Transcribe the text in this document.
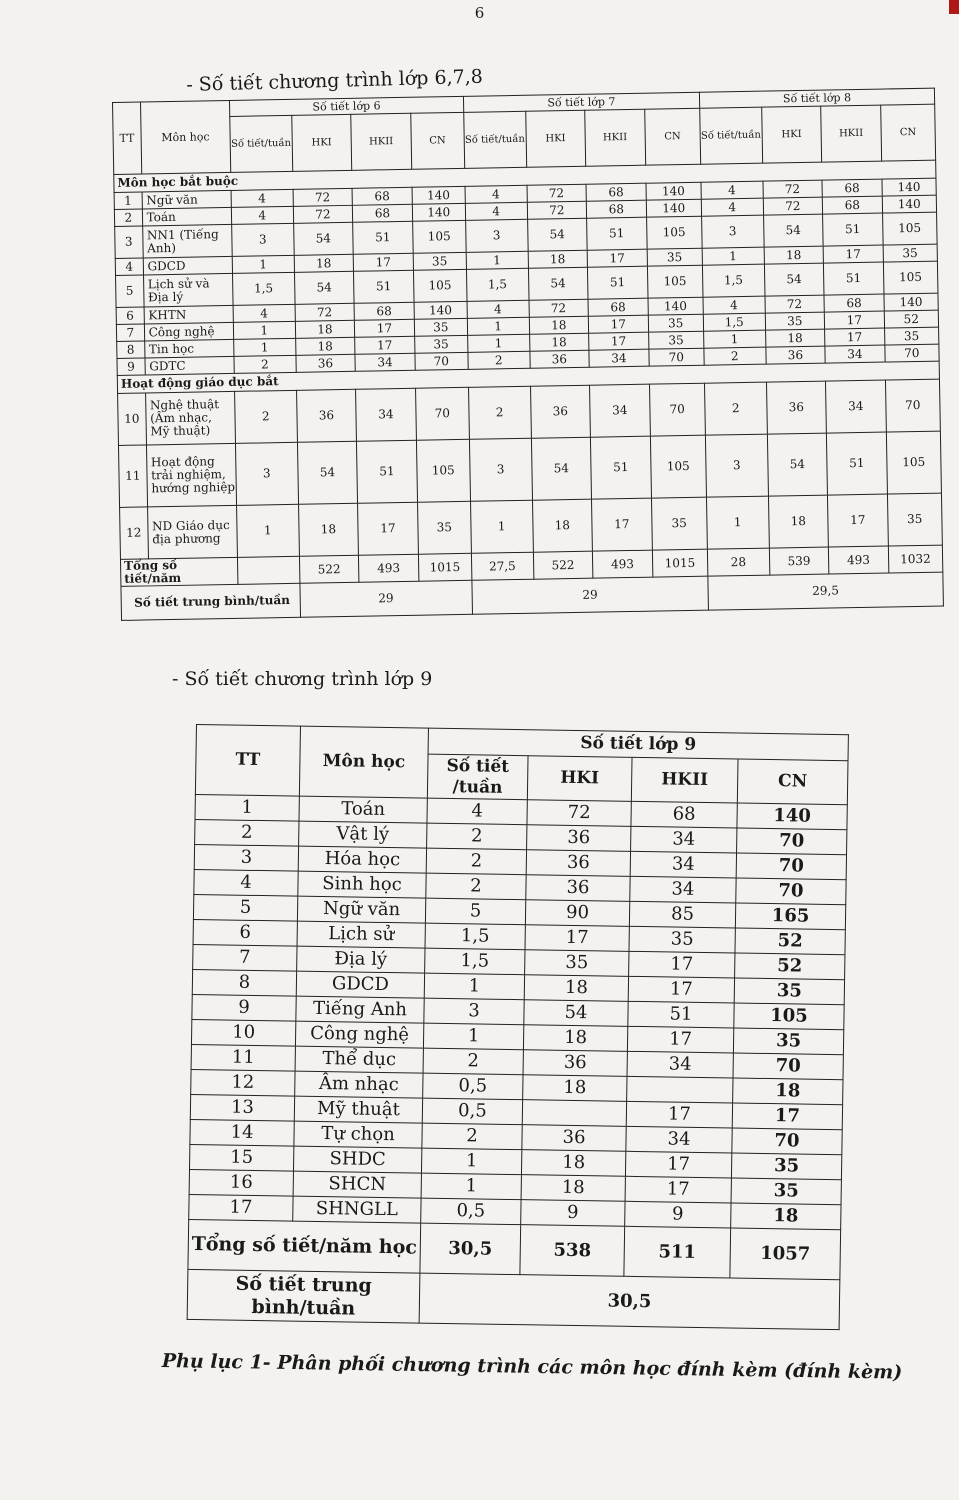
6
- Số tiết chương trình lớp 6,7,8
TT	Môn học	Số tiết lớp 6				Số tiết lớp 7				Số tiết lớp 8			
		Số tiết/tuần	HKI	HKII	CN	Số tiết/tuần	HKI	HKII	CN	Số tiết/tuần	HKI	HKII	CN
Môn học bắt buộc													
1	Ngữ văn	4	72	68	140	4	72	68	140	4	72	68	140
2	Toán	4	72	68	140	4	72	68	140	4	72	68	140
3	NN1 (Tiếng Anh)	3	54	51	105	3	54	51	105	3	54	51	105
4	GDCD	1	18	17	35	1	18	17	35	1	18	17	35
5	Lịch sử và Địa lý	1,5	54	51	105	1,5	54	51	105	1,5	54	51	105
6	KHTN	4	72	68	140	4	72	68	140	4	72	68	140
7	Công nghệ	1	18	17	35	1	18	17	35	1,5	35	17	52
8	Tin học	1	18	17	35	1	18	17	35	1	18	17	35
9	GDTC	2	36	34	70	2	36	34	70	2	36	34	70
Hoạt động giáo dục bắt													
10	Nghệ thuật (Âm nhạc, Mỹ thuật)	2	36	34	70	2	36	34	70	2	36	34	70
11	Hoạt động trải nghiệm, hướng nghiệp	3	54	51	105	3	54	51	105	3	54	51	105
12	ND Giáo dục địa phương	1	18	17	35	1	18	17	35	1	18	17	35
Tổng số tiết/năm			522	493	1015	27,5	522	493	1015	28	539	493	1032
Số tiết trung bình/tuần			29			29				29,5			
- Số tiết chương trình lớp 9
TT	Môn học	Số tiết lớp 9			
		Số tiết /tuần	HKI	HKII	CN
1	Toán	4	72	68	140
2	Vật lý	2	36	34	70
3	Hóa học	2	36	34	70
4	Sinh học	2	36	34	70
5	Ngữ văn	5	90	85	165
6	Lịch sử	1,5	17	35	52
7	Địa lý	1,5	35	17	52
8	GDCD	1	18	17	35
9	Tiếng Anh	3	54	51	105
10	Công nghệ	1	18	17	35
11	Thể dục	2	36	34	70
12	Âm nhạc	0,5	18		18
13	Mỹ thuật	0,5		17	17
14	Tự chọn	2	36	34	70
15	SHDC	1	18	17	35
16	SHCN	1	18	17	35
17	SHNGLL	0,5	9	9	18
Tổng số tiết/năm học		30,5	538	511	1057
Số tiết trung bình/tuần		30,5			
Phụ lục 1- Phân phối chương trình các môn học đính kèm (đính kèm)
